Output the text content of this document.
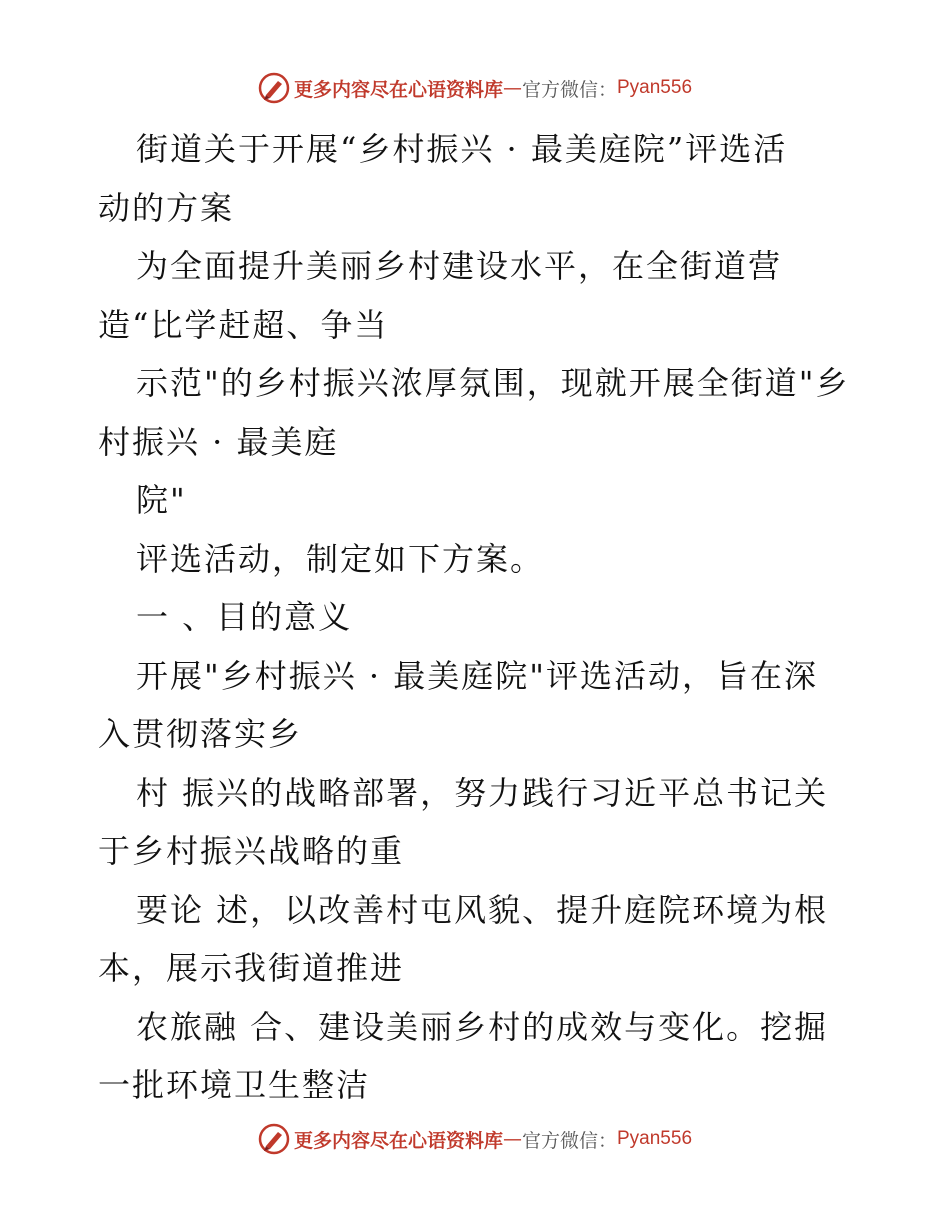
更多内容尽在心语资料库 — 官方微信： Pyan556
街道关于开展“乡村振兴 · 最美庭院”评选活
动的方案
为全面提升美丽乡村建设水平，在全街道营
造“比学赶超、争当
示范"的乡村振兴浓厚氛围，现就开展全街道"乡
村振兴 · 最美庭
院"
评选活动，制定如下方案。
一 、目的意义
开展"乡村振兴 · 最美庭院"评选活动，旨在深
入贯彻落实乡
村 振兴的战略部署，努力践行习近平总书记关
于乡村振兴战略的重
要论 述，以改善村屯风貌、提升庭院环境为根
本，展示我街道推进
农旅融 合、建设美丽乡村的成效与变化。挖掘
一批环境卫生整洁
更多内容尽在心语资料库 — 官方微信： Pyan556
